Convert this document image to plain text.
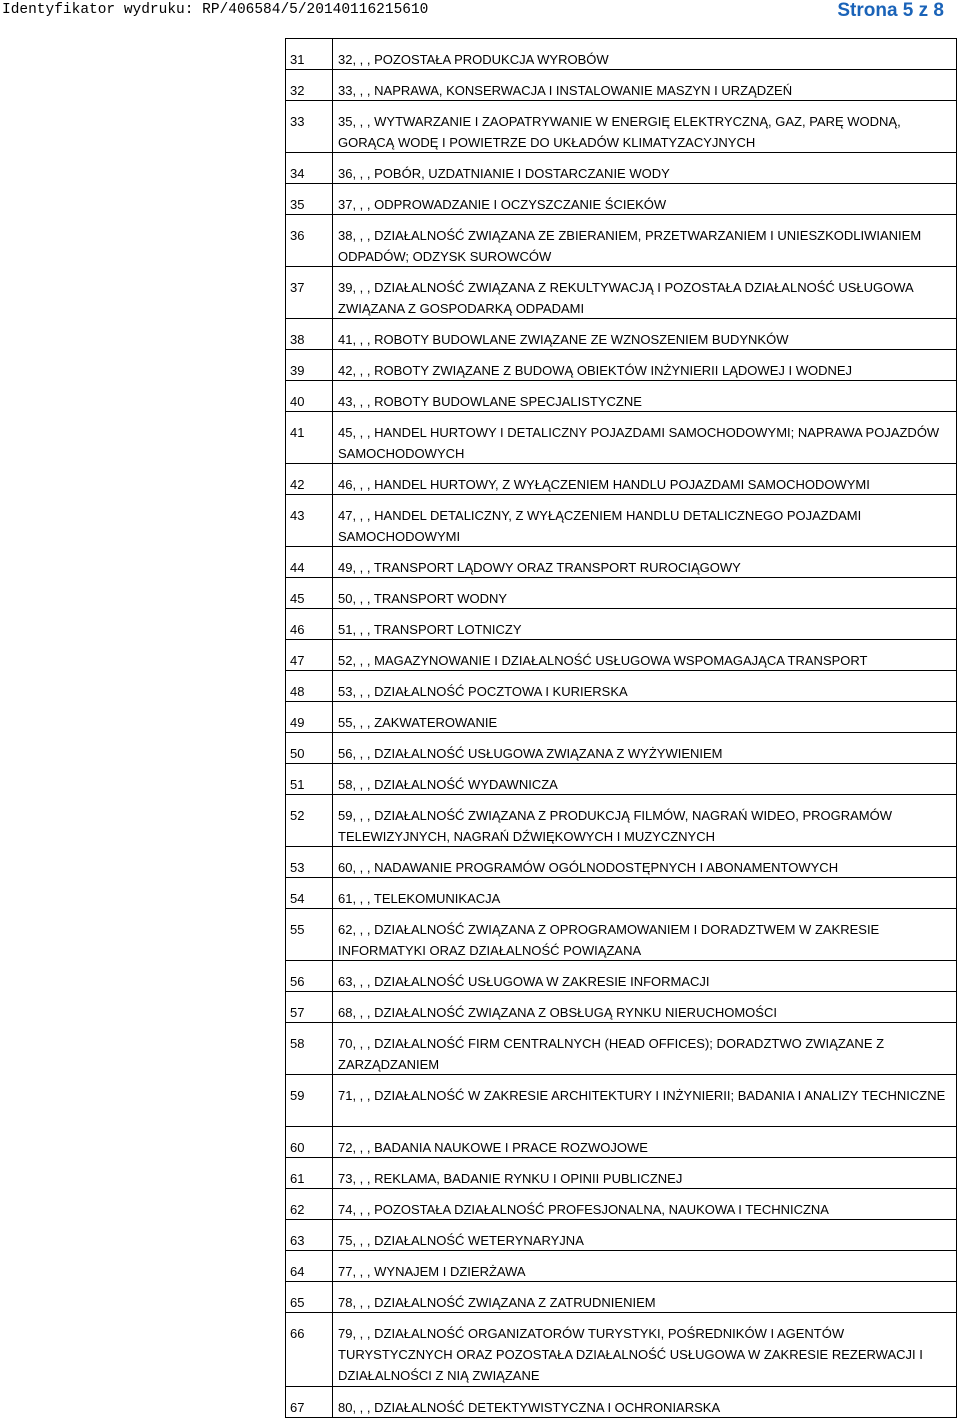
Identyfikator wydruku: RP/406584/5/20140116215610	Strona 5 z 8
31	32, , , POZOSTAŁA PRODUKCJA WYROBÓW
32	33, , , NAPRAWA, KONSERWACJA I INSTALOWANIE MASZYN I URZĄDZEŃ
33	35, , , WYTWARZANIE I ZAOPATRYWANIE W ENERGIĘ ELEKTRYCZNĄ, GAZ, PARĘ WODNĄ, GORĄCĄ WODĘ I POWIETRZE DO UKŁADÓW KLIMATYZACYJNYCH
34	36, , , POBÓR, UZDATNIANIE I DOSTARCZANIE WODY
35	37, , , ODPROWADZANIE I OCZYSZCZANIE ŚCIEKÓW
36	38, , , DZIAŁALNOŚĆ ZWIĄZANA ZE ZBIERANIEM, PRZETWARZANIEM I UNIESZKODLIWIANIEM ODPADÓW; ODZYSK SUROWCÓW
37	39, , , DZIAŁALNOŚĆ ZWIĄZANA Z REKULTYWACJĄ I POZOSTAŁA DZIAŁALNOŚĆ USŁUGOWA ZWIĄZANA Z GOSPODARKĄ ODPADAMI
38	41, , , ROBOTY BUDOWLANE ZWIĄZANE ZE WZNOSZENIEM BUDYNKÓW
39	42, , , ROBOTY ZWIĄZANE Z BUDOWĄ OBIEKTÓW INŻYNIERII LĄDOWEJ I WODNEJ
40	43, , , ROBOTY BUDOWLANE SPECJALISTYCZNE
41	45, , , HANDEL HURTOWY I DETALICZNY POJAZDAMI SAMOCHODOWYMI; NAPRAWA POJAZDÓW SAMOCHODOWYCH
42	46, , , HANDEL HURTOWY, Z WYŁĄCZENIEM HANDLU POJAZDAMI SAMOCHODOWYMI
43	47, , , HANDEL DETALICZNY, Z WYŁĄCZENIEM HANDLU DETALICZNEGO POJAZDAMI SAMOCHODOWYMI
44	49, , , TRANSPORT LĄDOWY ORAZ TRANSPORT RUROCIĄGOWY
45	50, , , TRANSPORT WODNY
46	51, , , TRANSPORT LOTNICZY
47	52, , , MAGAZYNOWANIE I DZIAŁALNOŚĆ USŁUGOWA WSPOMAGAJĄCA TRANSPORT
48	53, , , DZIAŁALNOŚĆ POCZTOWA I KURIERSKA
49	55, , , ZAKWATEROWANIE
50	56, , , DZIAŁALNOŚĆ USŁUGOWA ZWIĄZANA Z WYŻYWIENIEM
51	58, , , DZIAŁALNOŚĆ WYDAWNICZA
52	59, , , DZIAŁALNOŚĆ ZWIĄZANA Z PRODUKCJĄ FILMÓW, NAGRAŃ WIDEO, PROGRAMÓW TELEWIZYJNYCH, NAGRAŃ DŹWIĘKOWYCH I MUZYCZNYCH
53	60, , , NADAWANIE PROGRAMÓW OGÓLNODOSTĘPNYCH I ABONAMENTOWYCH
54	61, , , TELEKOMUNIKACJA
55	62, , , DZIAŁALNOŚĆ ZWIĄZANA Z OPROGRAMOWANIEM I DORADZTWEM W ZAKRESIE INFORMATYKI ORAZ DZIAŁALNOŚĆ POWIĄZANA
56	63, , , DZIAŁALNOŚĆ USŁUGOWA W ZAKRESIE INFORMACJI
57	68, , , DZIAŁALNOŚĆ ZWIĄZANA Z OBSŁUGĄ RYNKU NIERUCHOMOŚCI
58	70, , , DZIAŁALNOŚĆ FIRM CENTRALNYCH (HEAD OFFICES); DORADZTWO ZWIĄZANE Z ZARZĄDZANIEM
59	71, , , DZIAŁALNOŚĆ W ZAKRESIE ARCHITEKTURY I INŻYNIERII; BADANIA I ANALIZY TECHNICZNE
60	72, , , BADANIA NAUKOWE I PRACE ROZWOJOWE
61	73, , , REKLAMA, BADANIE RYNKU I OPINII PUBLICZNEJ
62	74, , , POZOSTAŁA DZIAŁALNOŚĆ PROFESJONALNA, NAUKOWA I TECHNICZNA
63	75, , , DZIAŁALNOŚĆ WETERYNARYJNA
64	77, , , WYNAJEM I DZIERŻAWA
65	78, , , DZIAŁALNOŚĆ ZWIĄZANA Z ZATRUDNIENIEM
66	79, , , DZIAŁALNOŚĆ ORGANIZATORÓW TURYSTYKI, POŚREDNIKÓW I AGENTÓW TURYSTYCZNYCH ORAZ POZOSTAŁA DZIAŁALNOŚĆ USŁUGOWA W ZAKRESIE REZERWACJI I DZIAŁALNOŚCI Z NIĄ ZWIĄZANE
67	80, , , DZIAŁALNOŚĆ DETEKTYWISTYCZNA I OCHRONIARSKA
